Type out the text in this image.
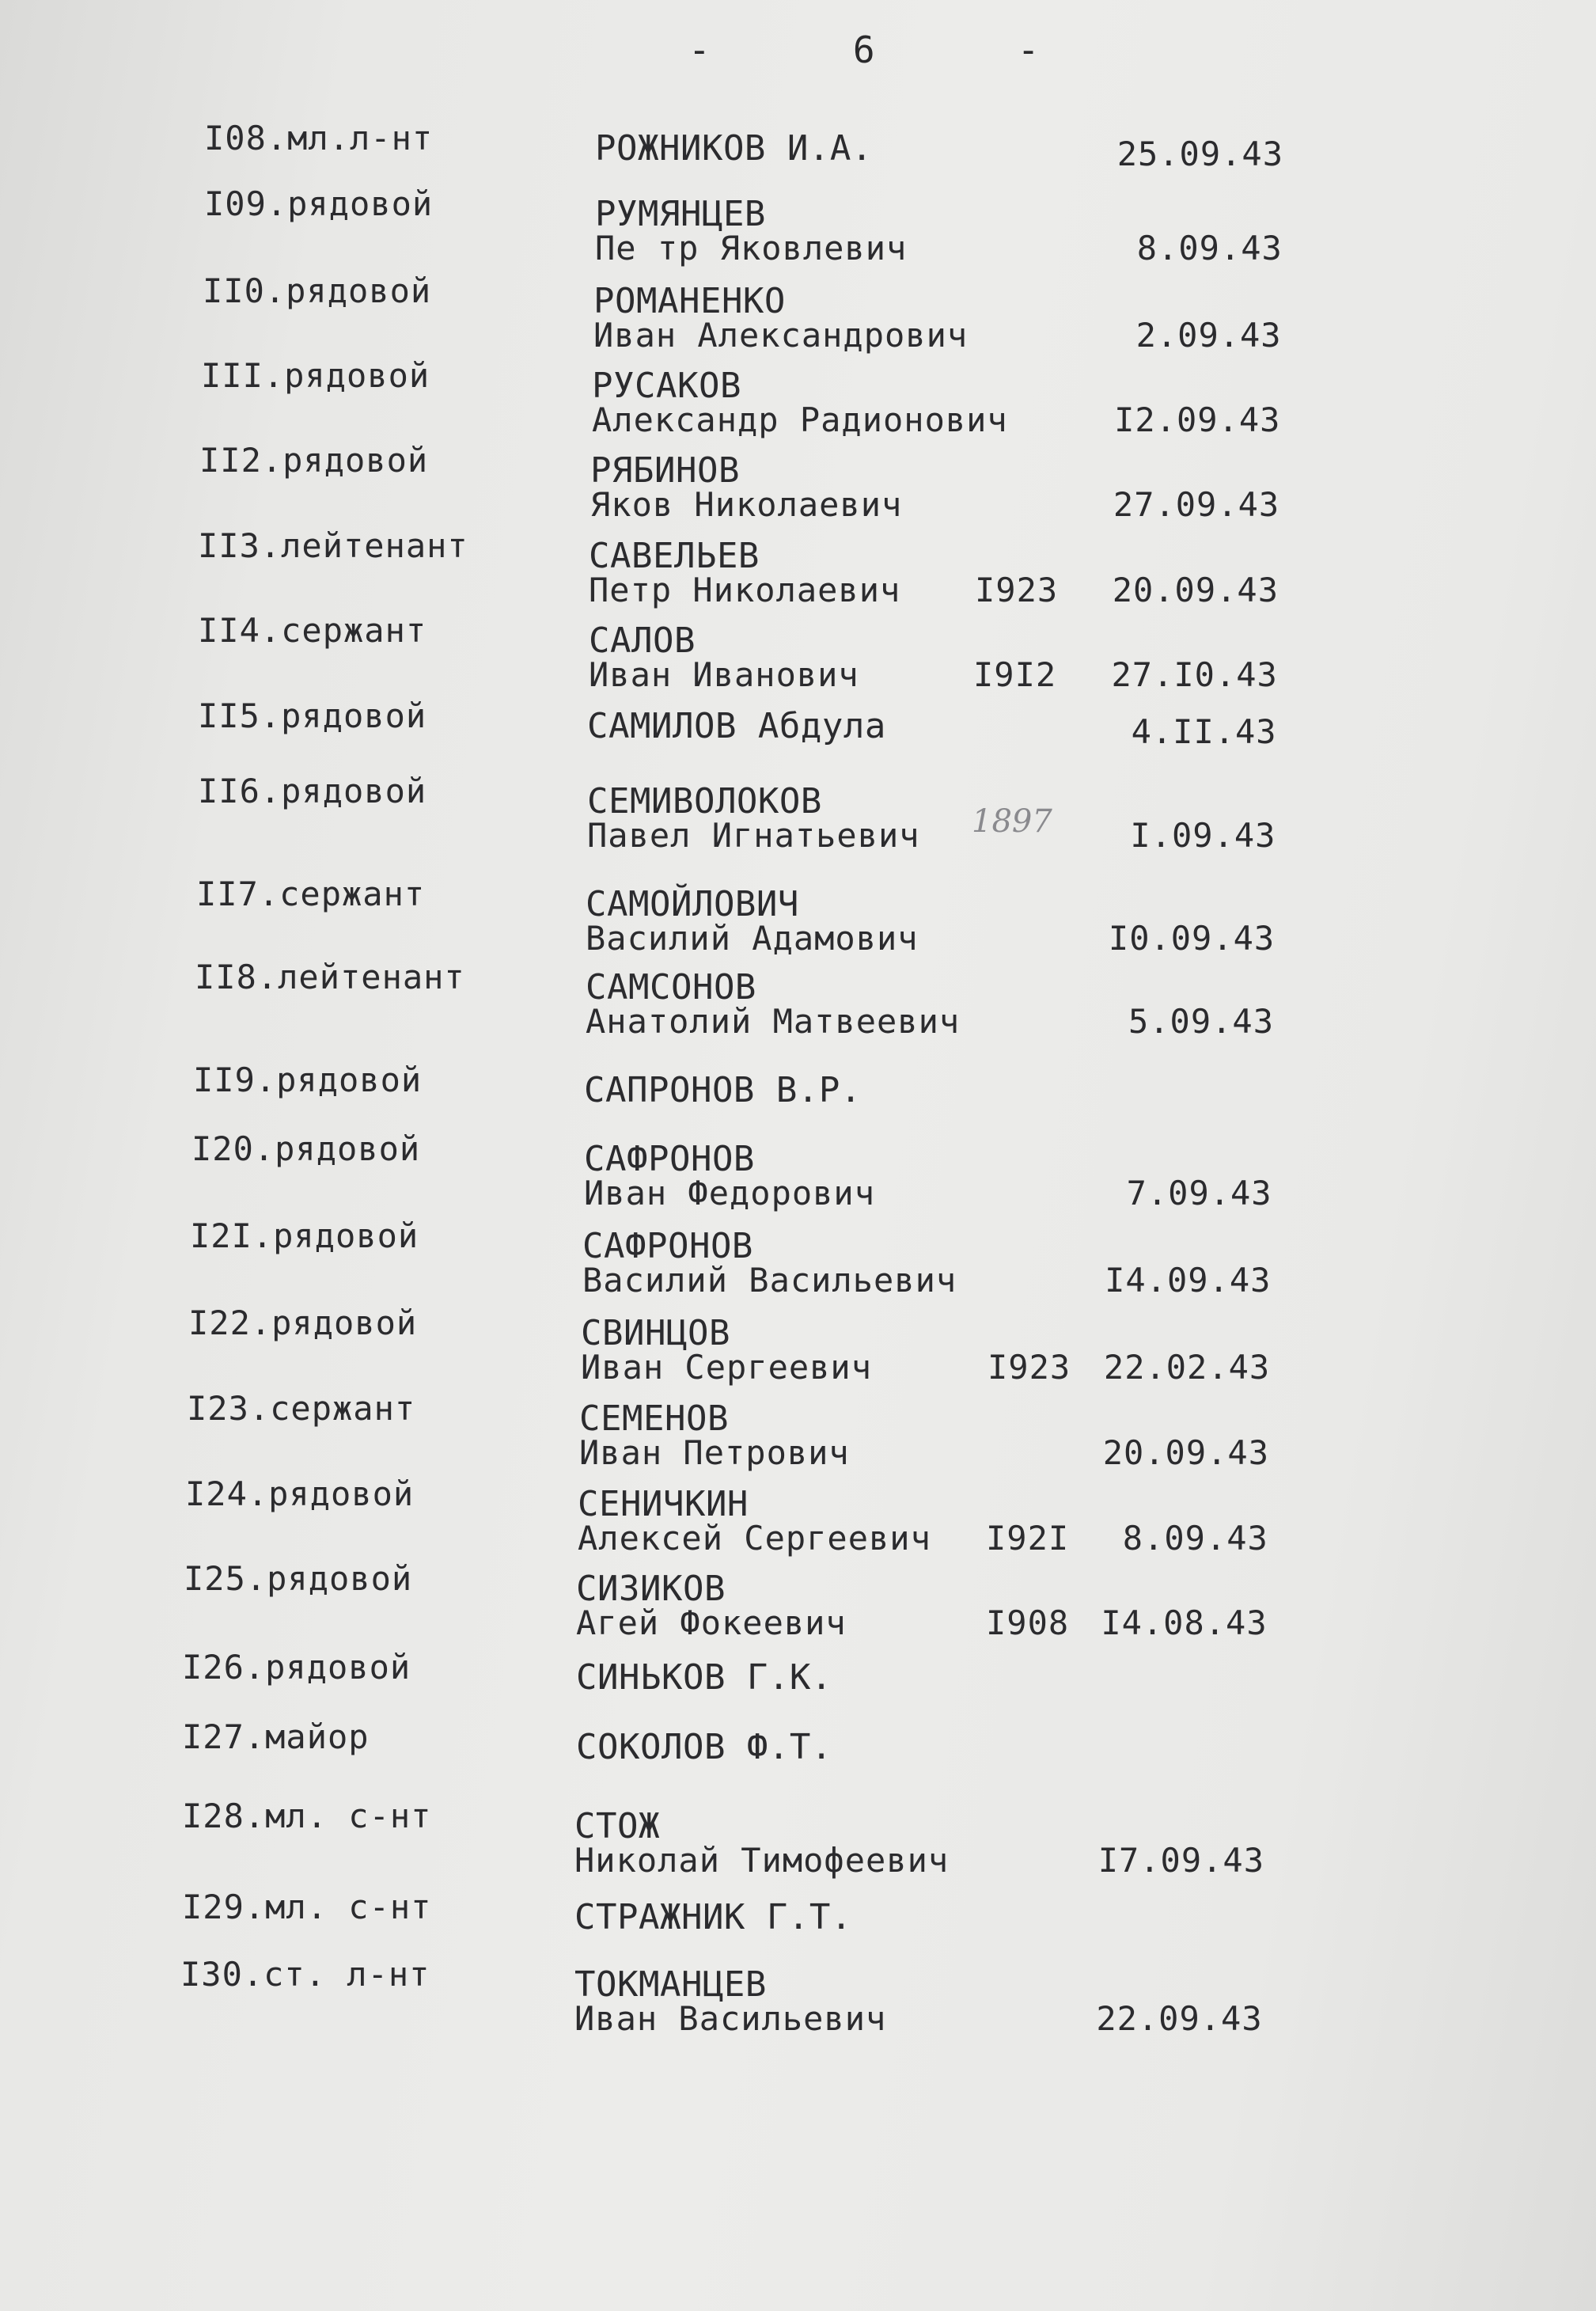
-      6      -
I08.мл.л-нт	РОЖНИКОВ И.А.	25.09.43
I09.рядовой	РУМЯНЦЕВ
Пе тр Яковлевич	8.09.43
II0.рядовой	РОМАНЕНКО
Иван Александрович	2.09.43
III.рядовой	РУСАКОВ
Александр Радионович	I2.09.43
II2.рядовой	РЯБИНОВ
Яков Николаевич	27.09.43
II3.лейтенант	САВЕЛЬЕВ
Петр Николаевич I923 20.09.43
II4.сержант	САЛОВ
Иван Иванович	I9I2 27.I0.43
II5.рядовой	САМИЛОВ Абдула	4.II.43
II6.рядовой	СЕМИВОЛОКОВ
Павел Игнатьевич 1897 I.09.43
II7.сержант	САМОЙЛОВИЧ
Василий Адамович	I0.09.43
II8.лейтенант	САМСОНОВ
Анатолий Матвеевич	5.09.43
II9.рядовой	САПРОНОВ В.Р.
I20.рядовой	САФРОНОВ
Иван Федорович	7.09.43
I2I.рядовой	САФРОНОВ
Василий Васильевич	I4.09.43
I22.рядовой	СВИНЦОВ
Иван Сергеевич	I923 22.02.43
I23.сержант	СЕМЕНОВ
Иван Петрович	20.09.43
I24.рядовой	СЕНИЧКИН
Алексей Сергеевич I92I 8.09.43
I25.рядовой	СИЗИКОВ
Агей Фокеевич	I908 I4.08.43
I26.рядовой	СИНЬКОВ Г.К.
I27.майор	СОКОЛОВ Ф.Т.
I28.мл. с-нт	СТОЖ
Николай Тимофеевич	I7.09.43
I29.мл. с-нт	СТРАЖНИК Г.Т.
I30.ст. л-нт	ТОКМАНЦЕВ
Иван Васильевич	22.09.43
